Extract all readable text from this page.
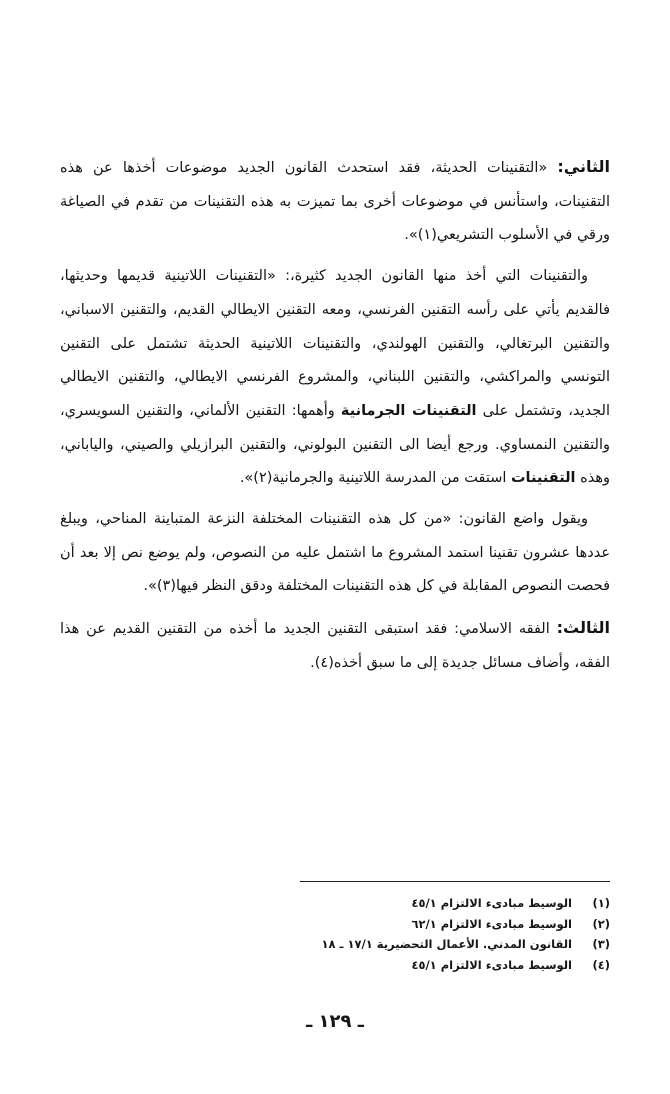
الثاني: «التقنينات الحديثة، فقد استحدث القانون الجديد موضوعات أخذها عن هذه التقنينات، واستأنس في موضوعات أخرى بما تميزت به هذه التقنينات من تقدم في الصياغة ورقي في الأسلوب التشريعي(١)».

والتقنينات التي أخذ منها القانون الجديد كثيرة،: «التقنينات اللاتينية قديمها وحديثها، فالقديم يأتي على رأسه التقنين الفرنسي، ومعه التقنين الايطالي القديم، والتقنين الاسباني، والتقنين البرتغالي، والتقنين الهولندي، والتقنينات اللاتينية الحديثة تشتمل على التقنين التونسي والمراكشي، والتقنين اللبناني، والمشروع الفرنسي الايطالي، والتقنين الايطالي الجديد، وتشتمل على التقنينات الجرمانية وأهمها: التقنين الألماني، والتقنين السويسري، والتقنين النمساوي. ورجع أيضا الى التقنين البولوني، والتقنين البرازيلي والصيني، والياباني، وهذه التقنينات استقت من المدرسة اللاتينية والجرمانية(٢)».

ويقول واضع القانون: «من كل هذه التقنينات المختلفة النزعة المتباينة المناحي، ويبلغ عددها عشرون تقنينا استمد المشروع ما اشتمل عليه من النصوص، ولم يوضع نص إلا بعد أن فحصت النصوص المقابلة في كل هذه التقنينات المختلفة ودقق النظر فيها(٣)».

الثالث: الفقه الاسلامي: فقد استبقى التقنين الجديد ما أخذه من التقنين القديم عن هذا الفقه، وأضاف مسائل جديدة إلى ما سبق أخذه(٤).

(١)
الوسيط مبادىء الالتزام ٤٥/١
(٢)
الوسيط مبادىء الالتزام ٦٢/١
(٣)
القانون المدني. الأعمال التحضيرية ١٧/١ ـ ١٨
(٤)
الوسيط مبادىء الالتزام ٤٥/١
ـ ١٢٩ ـ
